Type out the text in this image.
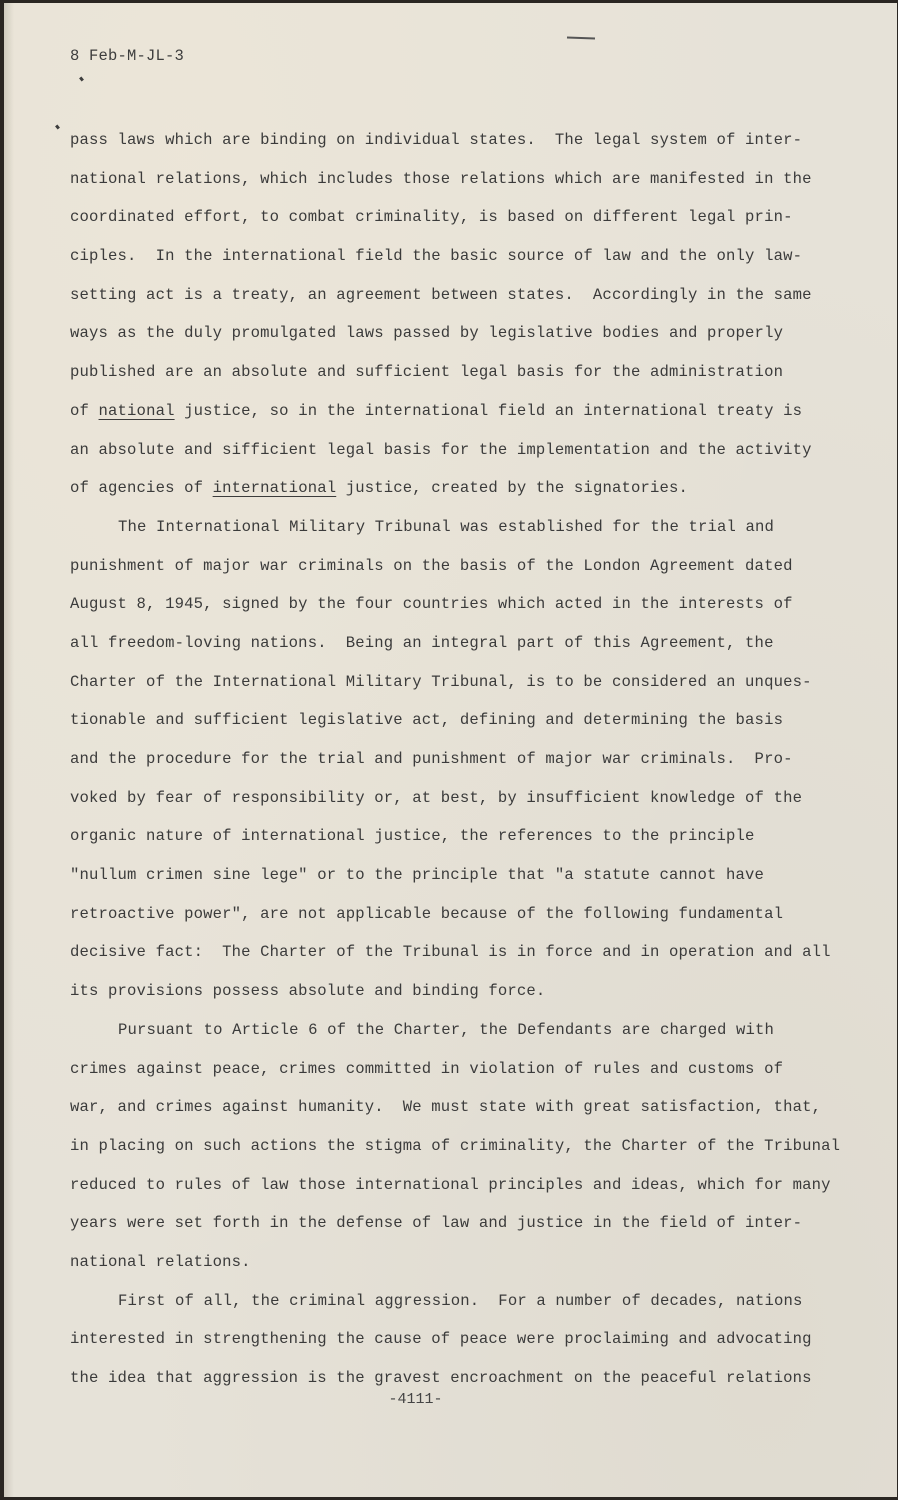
8 Feb-M-JL-3
pass laws which are binding on individual states.  The legal system of inter-
national relations, which includes those relations which are manifested in the
coordinated effort, to combat criminality, is based on different legal prin-
ciples.  In the international field the basic source of law and the only law-
setting act is a treaty, an agreement between states.  Accordingly in the same
ways as the duly promulgated laws passed by legislative bodies and properly
published are an absolute and sufficient legal basis for the administration
of national justice, so in the international field an international treaty is
an absolute and sifficient legal basis for the implementation and the activity
of agencies of international justice, created by the signatories.
The International Military Tribunal was established for the trial and
punishment of major war criminals on the basis of the London Agreement dated
August 8, 1945, signed by the four countries which acted in the interests of
all freedom-loving nations.  Being an integral part of this Agreement, the
Charter of the International Military Tribunal, is to be considered an unques-
tionable and sufficient legislative act, defining and determining the basis
and the procedure for the trial and punishment of major war criminals.  Pro-
voked by fear of responsibility or, at best, by insufficient knowledge of the
organic nature of international justice, the references to the principle
"nullum crimen sine lege" or to the principle that "a statute cannot have
retroactive power", are not applicable because of the following fundamental
decisive fact:  The Charter of the Tribunal is in force and in operation and all
its provisions possess absolute and binding force.
Pursuant to Article 6 of the Charter, the Defendants are charged with
crimes against peace, crimes committed in violation of rules and customs of
war, and crimes against humanity.  We must state with great satisfaction, that,
in placing on such actions the stigma of criminality, the Charter of the Tribunal
reduced to rules of law those international principles and ideas, which for many
years were set forth in the defense of law and justice in the field of inter-
national relations.
First of all, the criminal aggression.  For a number of decades, nations
interested in strengthening the cause of peace were proclaiming and advocating
the idea that aggression is the gravest encroachment on the peaceful relations
-4111-
